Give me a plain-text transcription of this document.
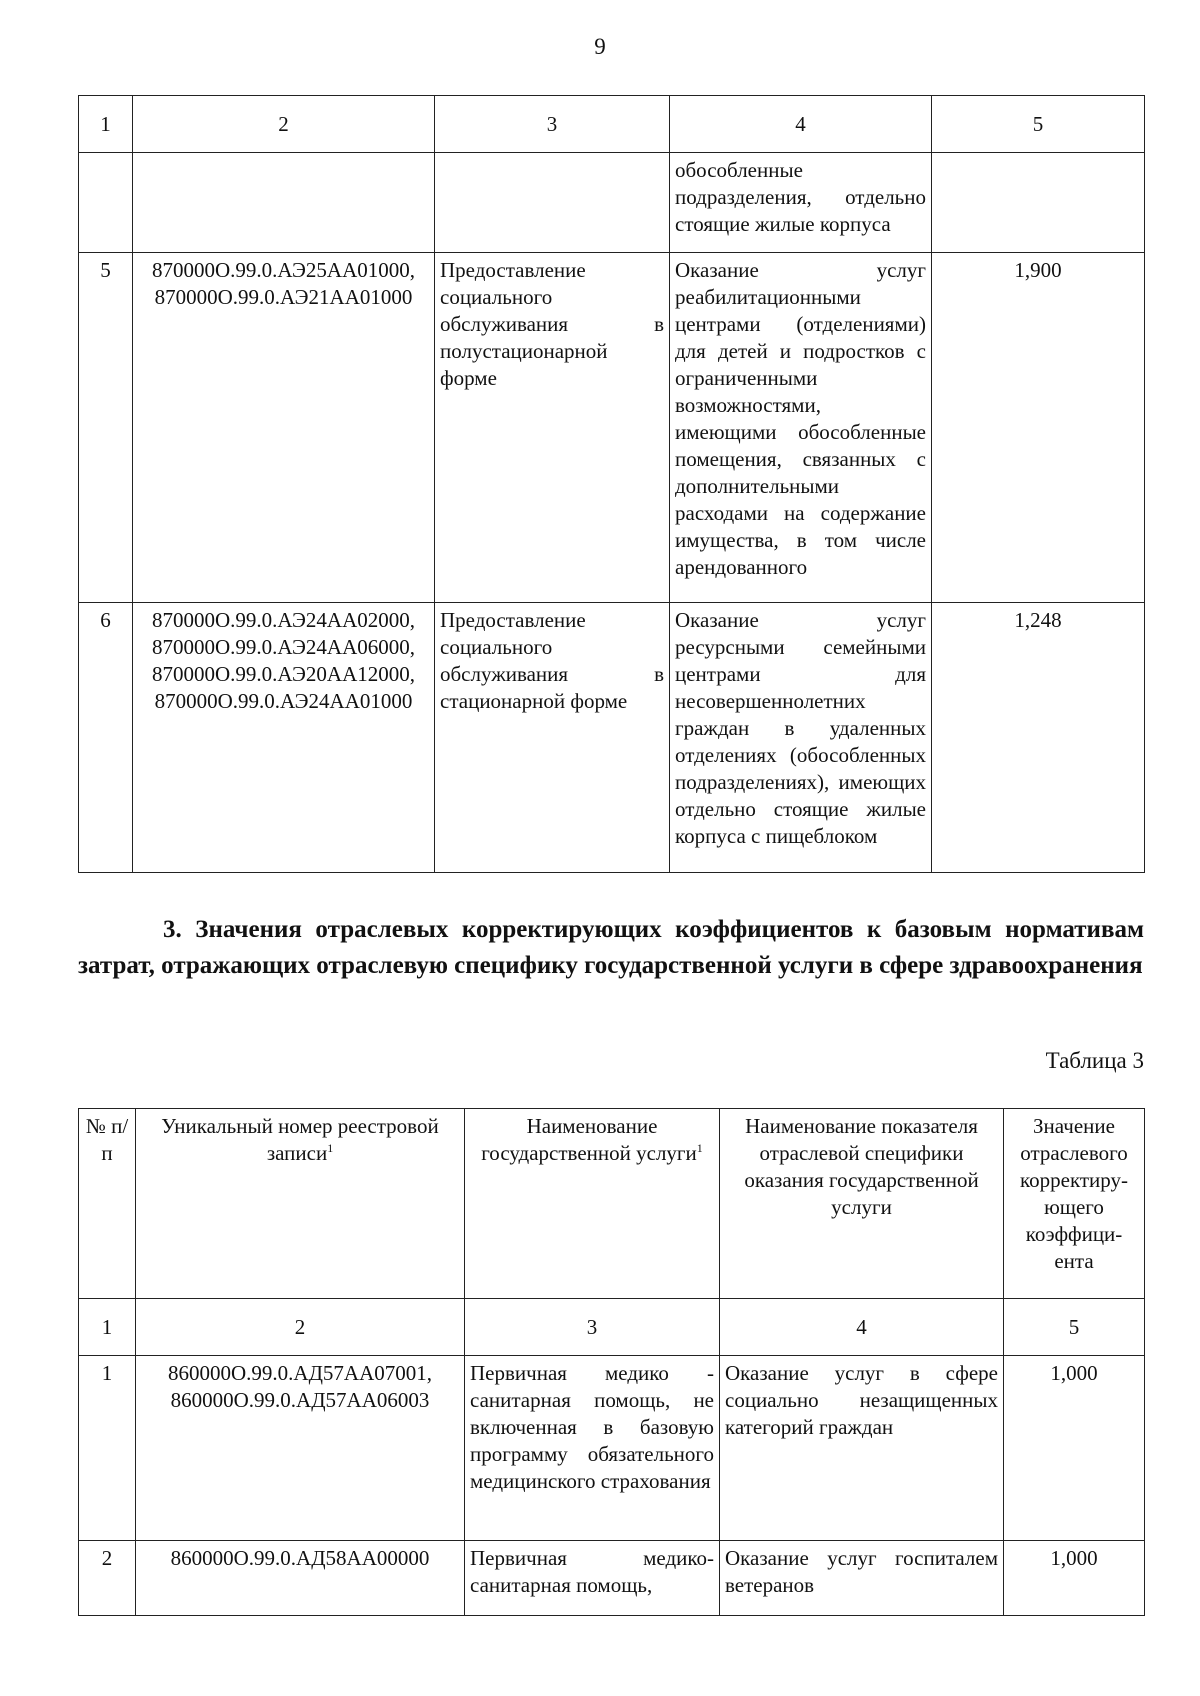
9
1	2	3	4	5
			обособленные подразделения, отдельно стоящие жилые корпуса	
5	870000О.99.0.АЭ25АА01000, 870000О.99.0.АЭ21АА01000	Предоставление социального обслуживания в полустационарной форме	Оказание услуг реабилитационными центрами (отделениями) для детей и подростков с ограниченными возможностями, имеющими обособленные помещения, связанных с дополнительными расходами на содержание имущества, в том числе арендованного	1,900
6	870000О.99.0.АЭ24АА02000, 870000О.99.0.АЭ24АА06000, 870000О.99.0.АЭ20АА12000, 870000О.99.0.АЭ24АА01000	Предоставление социального обслуживания в стационарной форме	Оказание услуг ресурсными семейными центрами для несовершеннолетних граждан в удаленных отделениях (обособленных подразделениях), имеющих отдельно стоящие жилые корпуса с пищеблоком	1,248
3. Значения отраслевых корректирующих коэффициентов к базовым нормативам затрат, отражающих отраслевую специфику государственной услуги в сфере здравоохранения
Таблица 3
№ п/п	Уникальный номер реестровой записи$^1$	Наименование государственной услуги$^1$	Наименование показателя отраслевой специфики оказания государственной услуги	Значение отраслевого корректиру- ющего коэффици- ента
1	2	3	4	5
1	860000О.99.0.АД57АА07001, 860000О.99.0.АД57АА06003	Первичная медико - санитарная помощь, не включенная в базовую программу обязательного медицинского страхования	Оказание услуг в сфере социально незащищенных категорий граждан	1,000
2	860000О.99.0.АД58АА00000	Первичная медико-санитарная помощь,	Оказание услуг госпиталем ветеранов	1,000
